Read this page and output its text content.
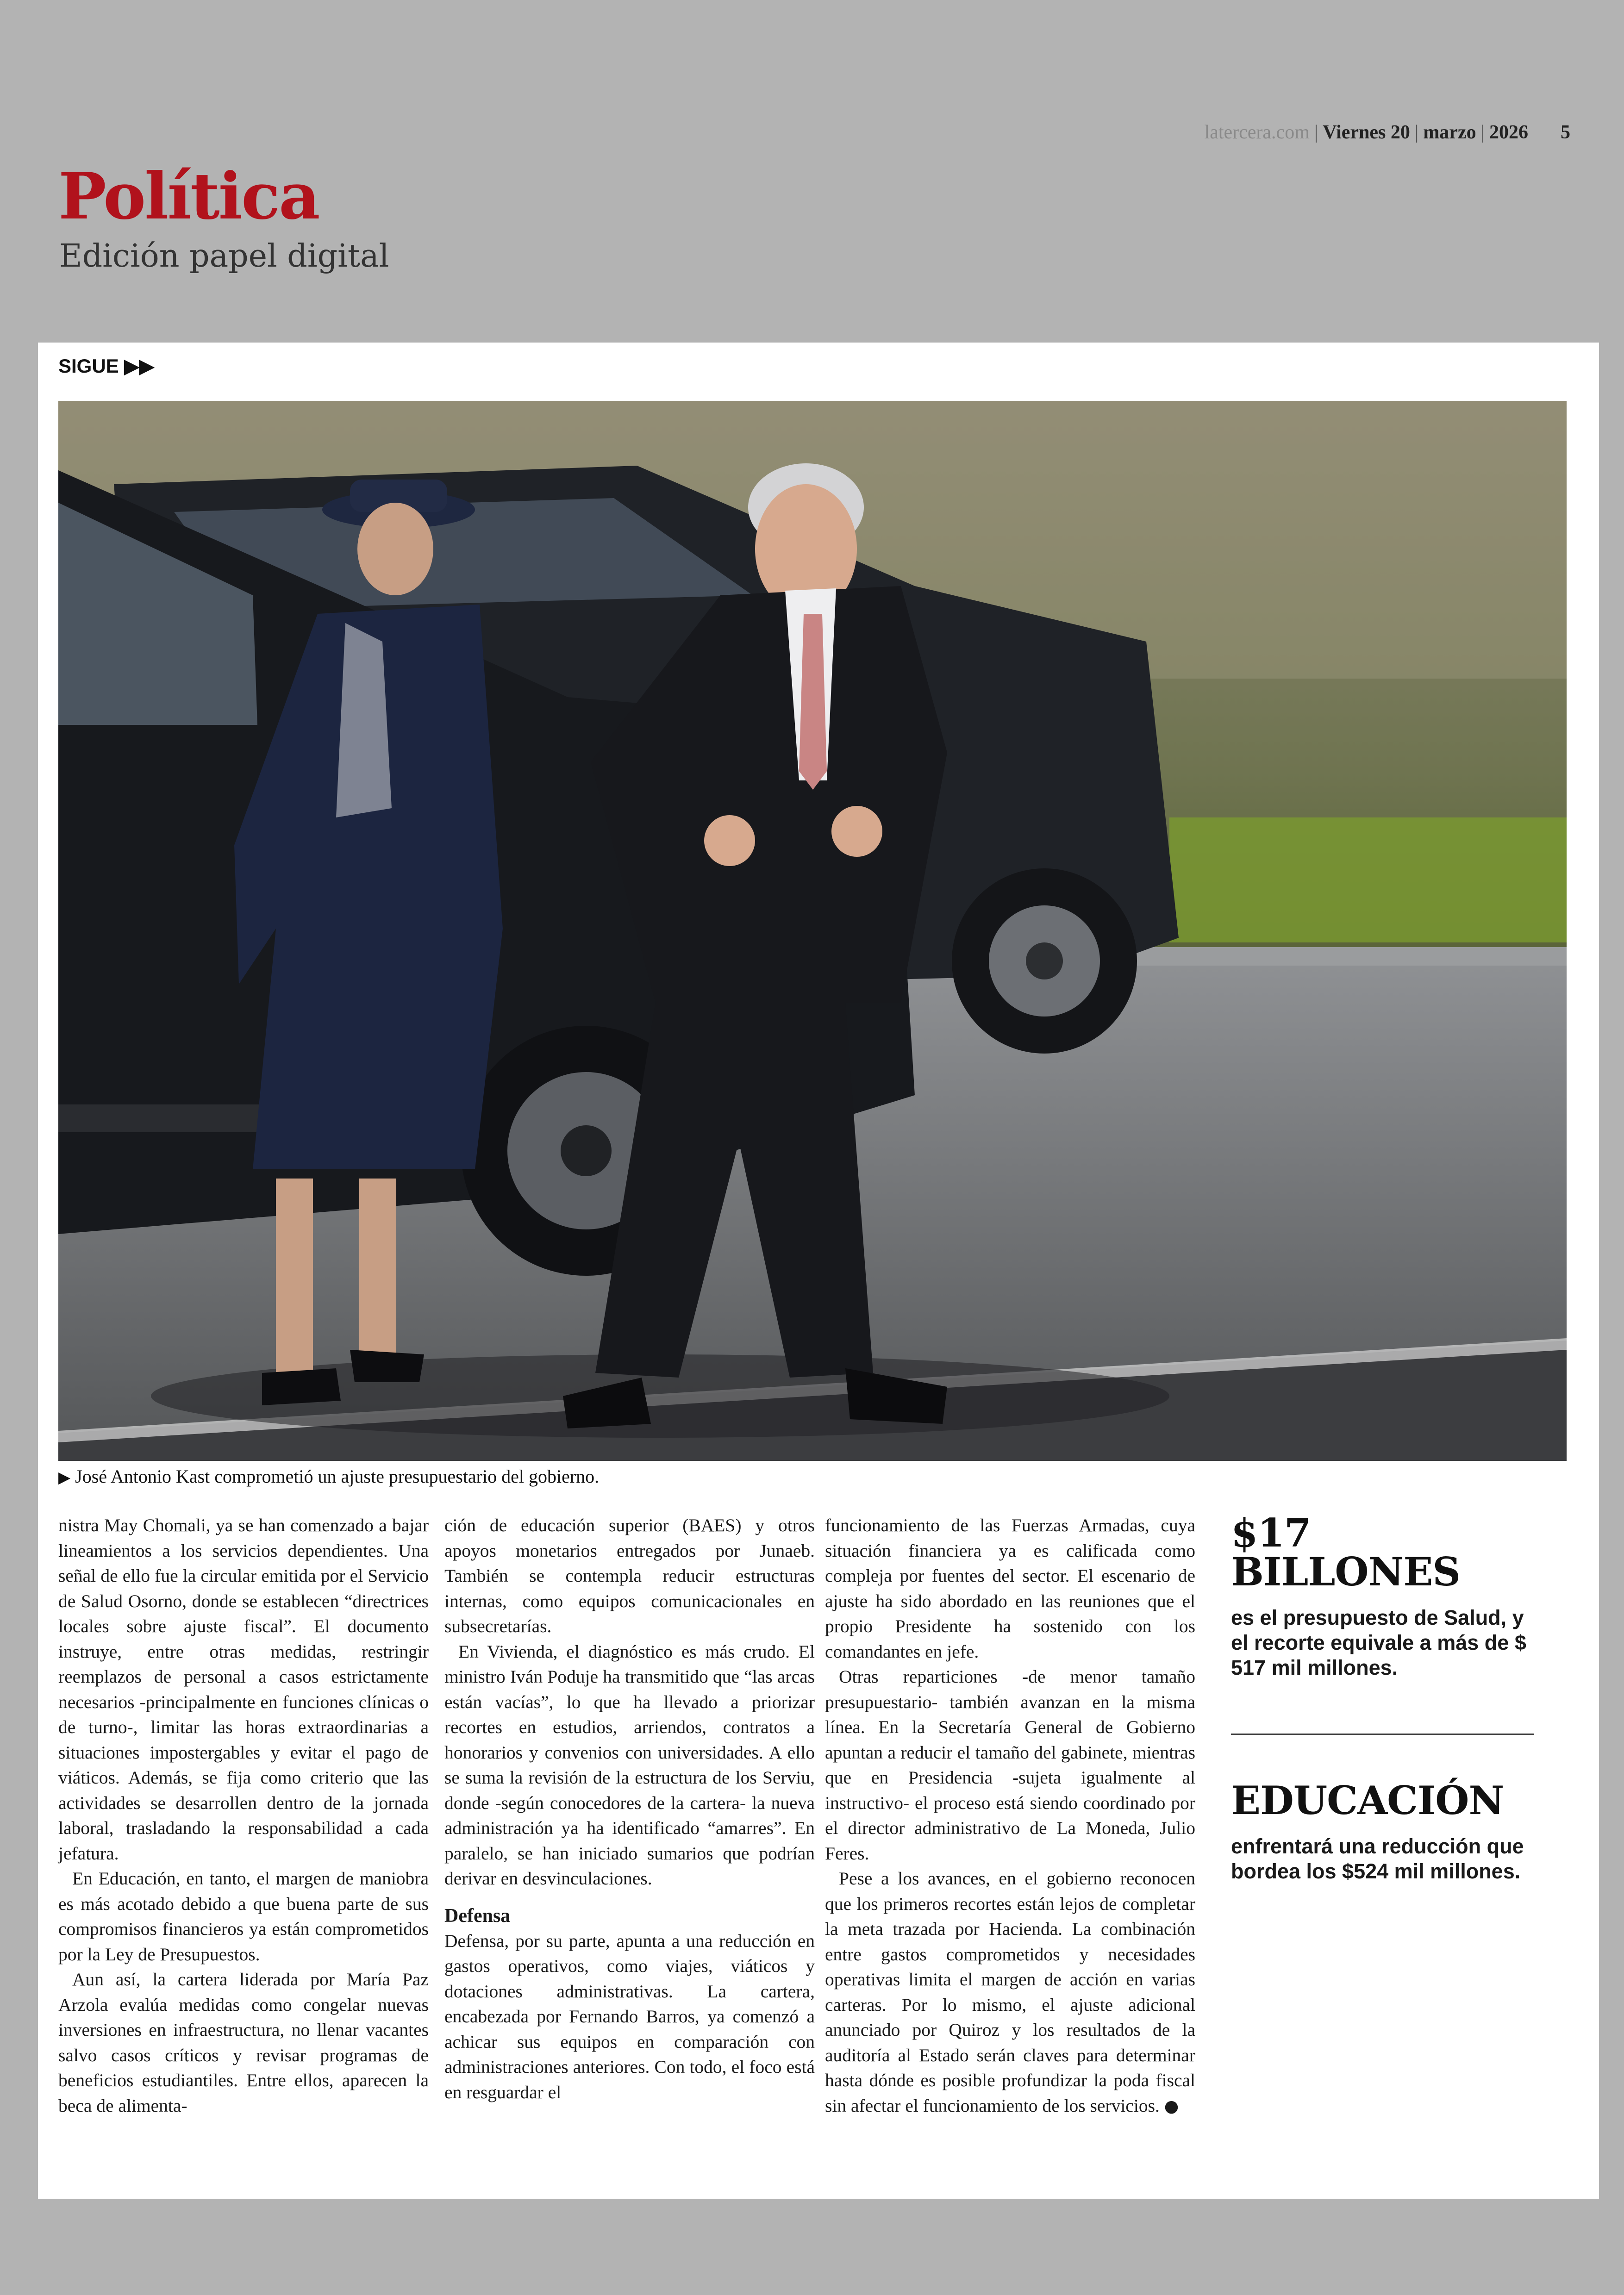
latercera.com | Viernes 20 | marzo | 2026 5
Política
Edición papel digital
SIGUE ▶▶
▶ José Antonio Kast comprometió un ajuste presupuestario del gobierno.

nistra May Chomali, ya se han comenzado a bajar lineamientos a los servicios dependientes. Una señal de ello fue la circular emitida por el Servicio de Salud Osorno, donde se establecen “directrices locales sobre ajuste fiscal”. El documento instruye, entre otras medidas, restringir reemplazos de personal a casos estrictamente necesarios -principalmente en funciones clínicas o de turno-, limitar las horas extraordinarias a situaciones impostergables y evitar el pago de viáticos. Además, se fija como criterio que las actividades se desarrollen dentro de la jornada laboral, trasladando la responsabilidad a cada jefatura.

En Educación, en tanto, el margen de maniobra es más acotado debido a que buena parte de sus compromisos financieros ya están comprometidos por la Ley de Presupuestos.

Aun así, la cartera liderada por María Paz Arzola evalúa medidas como congelar nuevas inversiones en infraestructura, no llenar vacantes salvo casos críticos y revisar programas de beneficios estudiantiles. Entre ellos, aparecen la beca de alimenta-

ción de educación superior (BAES) y otros apoyos monetarios entregados por Junaeb. También se contempla reducir estructuras internas, como equipos comunicacionales en subsecretarías.

En Vivienda, el diagnóstico es más crudo. El ministro Iván Poduje ha transmitido que “las arcas están vacías”, lo que ha llevado a priorizar recortes en estudios, arriendos, contratos a honorarios y convenios con universidades. A ello se suma la revisión de la estructura de los Serviu, donde -según conocedores de la cartera- la nueva administración ya ha identificado “amarres”. En paralelo, se han iniciado sumarios que podrían derivar en desvinculaciones.

Defensa

Defensa, por su parte, apunta a una reducción en gastos operativos, como viajes, viáticos y dotaciones administrativas. La cartera, encabezada por Fernando Barros, ya comenzó a achicar sus equipos en comparación con administraciones anteriores. Con todo, el foco está en resguardar el

funcionamiento de las Fuerzas Armadas, cuya situación financiera ya es calificada como compleja por fuentes del sector. El escenario de ajuste ha sido abordado en las reuniones que el propio Presidente ha sostenido con los comandantes en jefe.

Otras reparticiones -de menor tamaño presupuestario- también avanzan en la misma línea. En la Secretaría General de Gobierno apuntan a reducir el tamaño del gabinete, mientras que en Presidencia -sujeta igualmente al instructivo- el proceso está siendo coordinado por el director administrativo de La Moneda, Julio Feres.

Pese a los avances, en el gobierno reconocen que los primeros recortes están lejos de completar la meta trazada por Hacienda. La combinación entre gastos comprometidos y necesidades operativas limita el margen de acción en varias carteras. Por lo mismo, el ajuste adicional anunciado por Quiroz y los resultados de la auditoría al Estado serán claves para determinar hasta dónde es posible profundizar la poda fiscal sin afectar el funcionamiento de los servicios. ●

$17 BILLONES
es el presupuesto de Salud, y el recorte equivale a más de $ 517 mil millones.
EDUCACIÓN
enfrentará una reducción que bordea los $524 mil millones.
